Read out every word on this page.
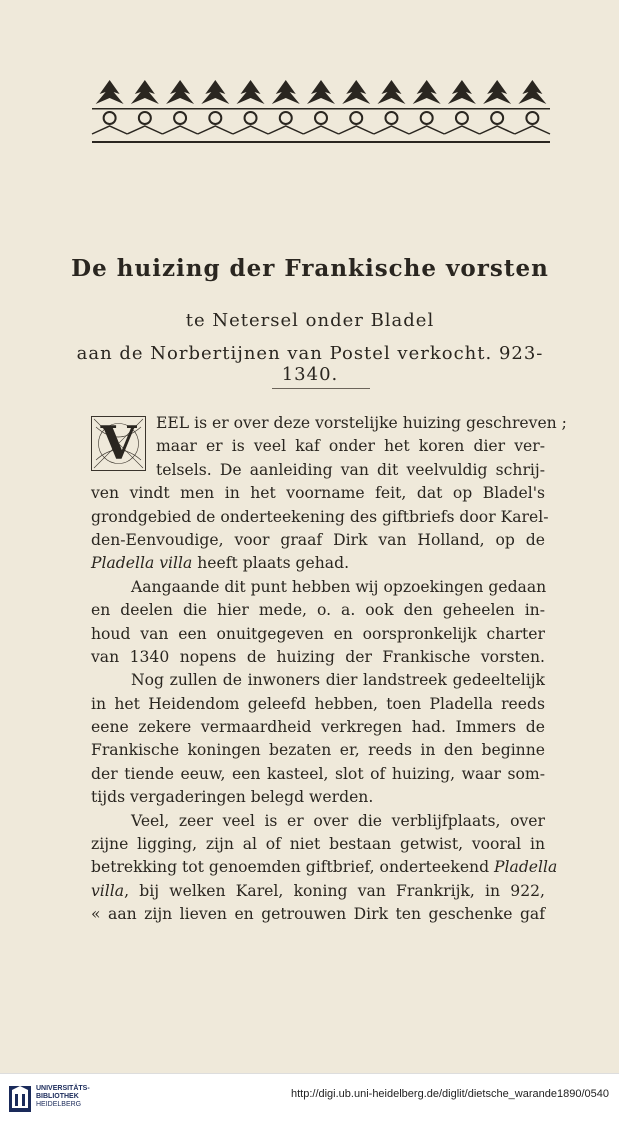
De huizing der Frankische vorsten
te Netersel onder Bladel
aan de Norbertijnen van Postel verkocht. 923-1340.
V	EEL is er over deze vorstelijke huizing geschreven ;
maar er is veel kaf onder het koren dier ver-
telsels. De aanleiding van dit veelvuldig schrij-
ven vindt men in het voorname feit, dat op Bladel's
grondgebied de onderteekening des giftbriefs door Karel-
den-Eenvoudige, voor graaf Dirk van Holland, op de
Pladella villa heeft plaats gehad.
Aangaande dit punt hebben wij opzoekingen gedaan
en deelen die hier mede, o. a. ook den geheelen in-
houd van een onuitgegeven en oorspronkelijk charter
van 1340 nopens de huizing der Frankische vorsten.
Nog zullen de inwoners dier landstreek gedeeltelijk
in het Heidendom geleefd hebben, toen Pladella reeds
eene zekere vermaardheid verkregen had. Immers de
Frankische koningen bezaten er, reeds in den beginne
der tiende eeuw, een kasteel, slot of huizing, waar som-
tijds vergaderingen belegd werden.
Veel, zeer veel is er over die verblijfplaats, over
zijne ligging, zijn al of niet bestaan getwist, vooral in
betrekking tot genoemden giftbrief, onderteekend Pladella
villa, bij welken Karel, koning van Frankrijk, in 922,
« aan zijn lieven en getrouwen Dirk ten geschenke gaf
UNIVERSITÄTS-
BIBLIOTHEK
HEIDELBERG
http://digi.ub.uni-heidelberg.de/diglit/dietsche_warande1890/0540
